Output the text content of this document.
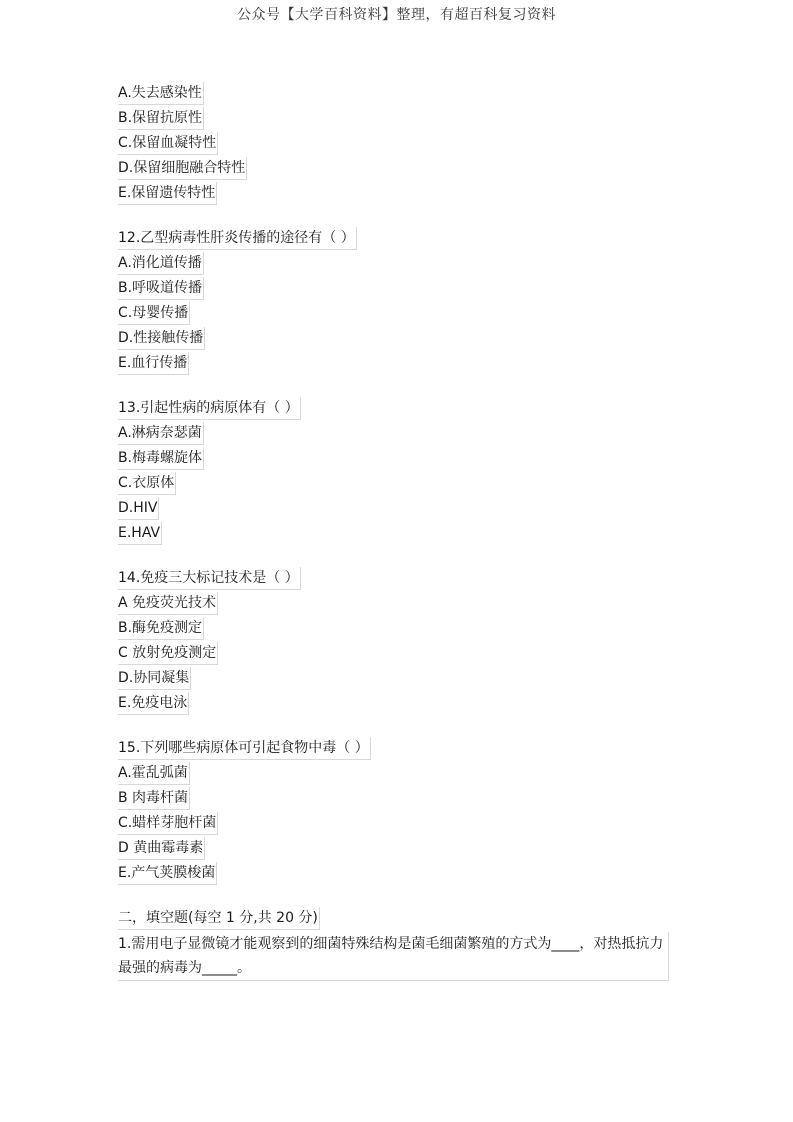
公众号【大学百科资料】整理，有超百科复习资料
A.失去感染性
B.保留抗原性
C.保留血凝特性
D.保留细胞融合特性
E.保留遗传特性
12.乙型病毒性肝炎传播的途径有（ ）
A.消化道传播
B.呼吸道传播
C.母婴传播
D.性接触传播
E.血行传播
13.引起性病的病原体有（ ）
A.淋病奈瑟菌
B.梅毒螺旋体
C.衣原体
D.HIV
E.HAV
14.免疫三大标记技术是（ ）
A 免疫荧光技术
B.酶免疫测定
C 放射免疫测定
D.协同凝集
E.免疫电泳
15.下列哪些病原体可引起食物中毒（ ）
A.霍乱弧菌
B 肉毒杆菌
C.蜡样芽胞杆菌
D 黄曲霉毒素
E.产气荚膜梭菌
二，填空题(每空 1 分,共 20 分)
1.需用电子显微镜才能观察到的细菌特殊结构是菌毛细菌繁殖的方式为____，对热抵抗力最强的病毒为_____。
